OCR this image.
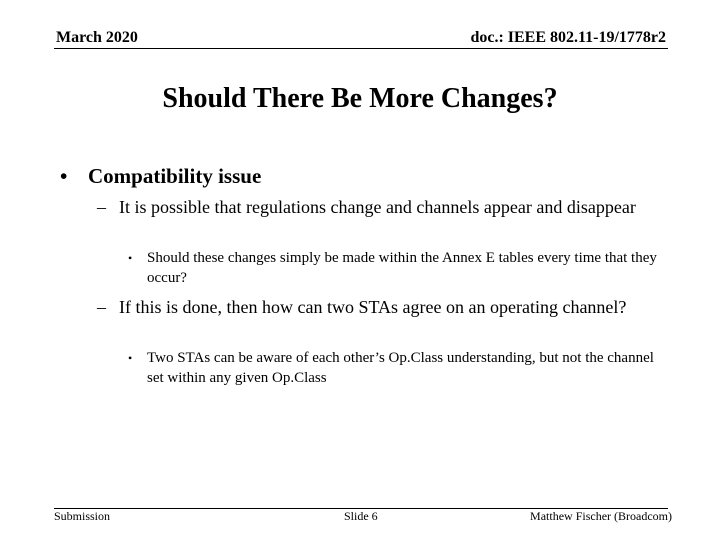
March 2020	doc.: IEEE 802.11-19/1778r2
Should There Be More Changes?
• Compatibility issue
– It is possible that regulations change and channels appear and disappear
• Should these changes simply be made within the Annex E tables every time that they occur?
– If this is done, then how can two STAs agree on an operating channel?
• Two STAs can be aware of each other’s Op.Class understanding, but not the channel set within any given Op.Class
Submission	Slide 6	Matthew Fischer (Broadcom)
